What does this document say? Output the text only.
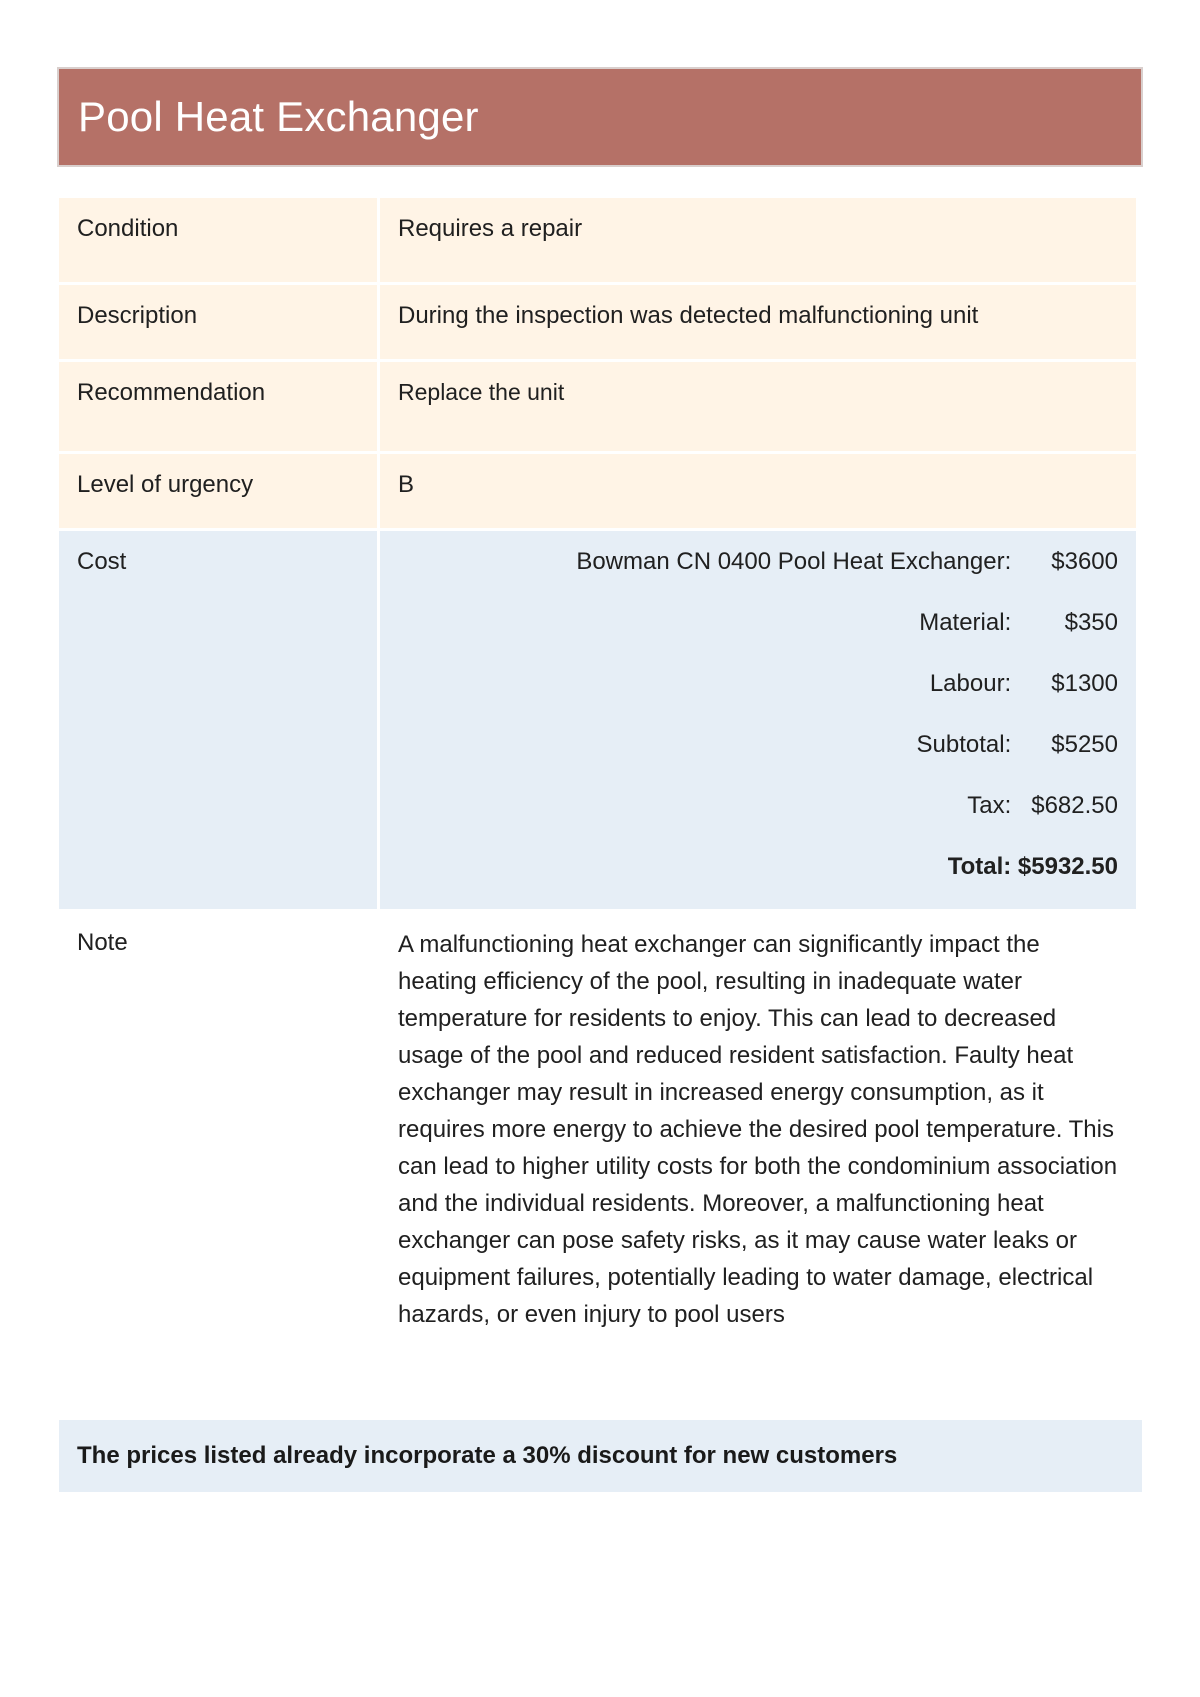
Pool Heat Exchanger
Condition	Requires a repair
Description	During the inspection was detected malfunctioning unit
Recommendation	Replace the unit
Level of urgency	B
Cost		Bowman CN 0400 Pool Heat Exchanger:	$3600
Material:	$350
Labour:	$1300
Subtotal:	$5250
Tax:	$682.50
Total: $5932.50

Note	A malfunctioning heat exchanger can significantly impact the heating efficiency of the pool, resulting in inadequate water temperature for residents to enjoy. This can lead to decreased usage of the pool and reduced resident satisfaction. Faulty heat exchanger may result in increased energy consumption, as it requires more energy to achieve the desired pool temperature. This can lead to higher utility costs for both the condominium association and the individual residents. Moreover, a malfunctioning heat exchanger can pose safety risks, as it may cause water leaks or equipment failures, potentially leading to water damage, electrical hazards, or even injury to pool users
The prices listed already incorporate a 30% discount for new customers
